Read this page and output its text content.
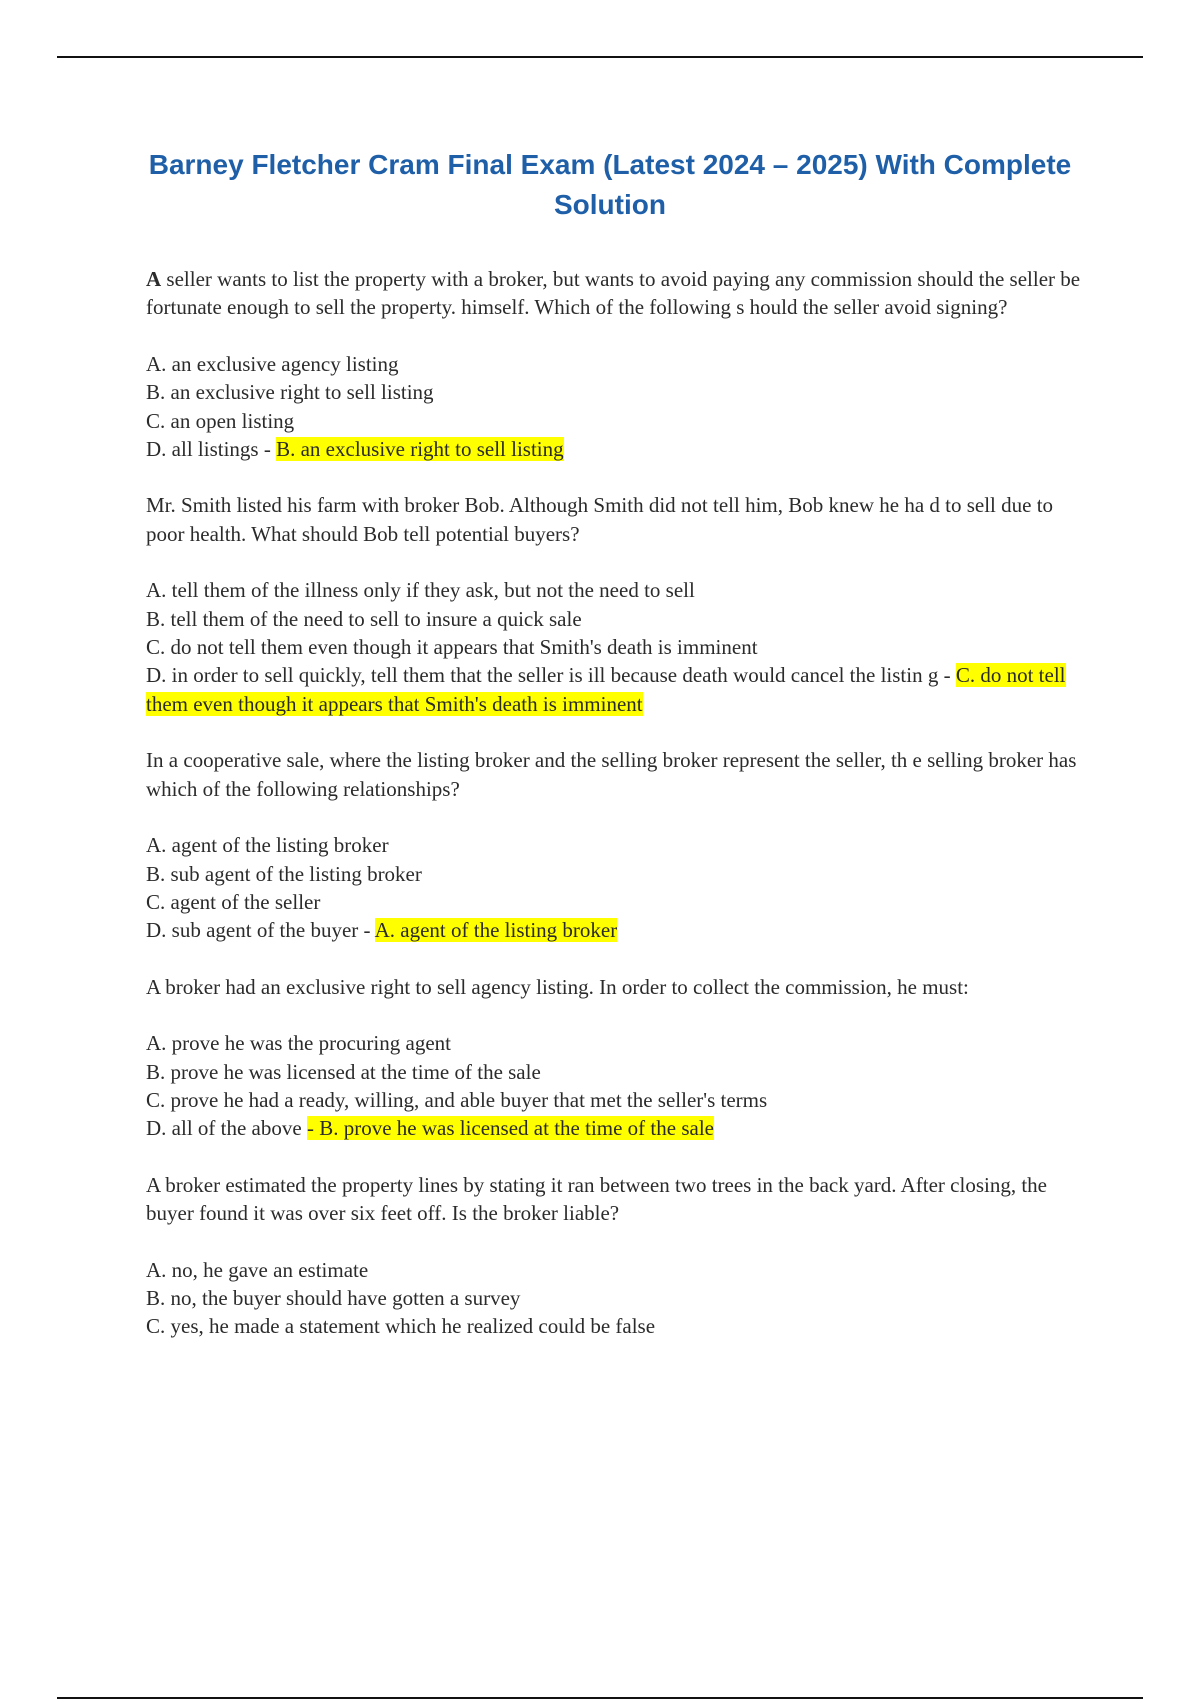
Barney Fletcher Cram Final Exam (Latest 2024 – 2025) With Complete Solution
A seller wants to list the property with a broker, but wants to avoid paying any commission should the seller be fortunate enough to sell the property. himself. Which of the following s hould the seller avoid signing?
A. an exclusive agency listing
B. an exclusive right to sell listing
C. an open listing
D. all listings - B. an exclusive right to sell listing
Mr. Smith listed his farm with broker Bob. Although Smith did not tell him, Bob knew he ha d to sell due to poor health. What should Bob tell potential buyers?
A. tell them of the illness only if they ask, but not the need to sell
B. tell them of the need to sell to insure a quick sale
C. do not tell them even though it appears that Smith's death is imminent
D. in order to sell quickly, tell them that the seller is ill because death would cancel the listin g - C. do not tell them even though it appears that Smith's death is imminent
In a cooperative sale, where the listing broker and the selling broker represent the seller, th e selling broker has which of the following relationships?
A. agent of the listing broker
B. sub agent of the listing broker
C. agent of the seller
D. sub agent of the buyer - A. agent of the listing broker
A broker had an exclusive right to sell agency listing. In order to collect the commission, he must:
A. prove he was the procuring agent
B. prove he was licensed at the time of the sale
C. prove he had a ready, willing, and able buyer that met the seller's terms
D. all of the above - B. prove he was licensed at the time of the sale
A broker estimated the property lines by stating it ran between two trees in the back yard. After closing, the buyer found it was over six feet off. Is the broker liable?
A. no, he gave an estimate
B. no, the buyer should have gotten a survey
C. yes, he made a statement which he realized could be false
